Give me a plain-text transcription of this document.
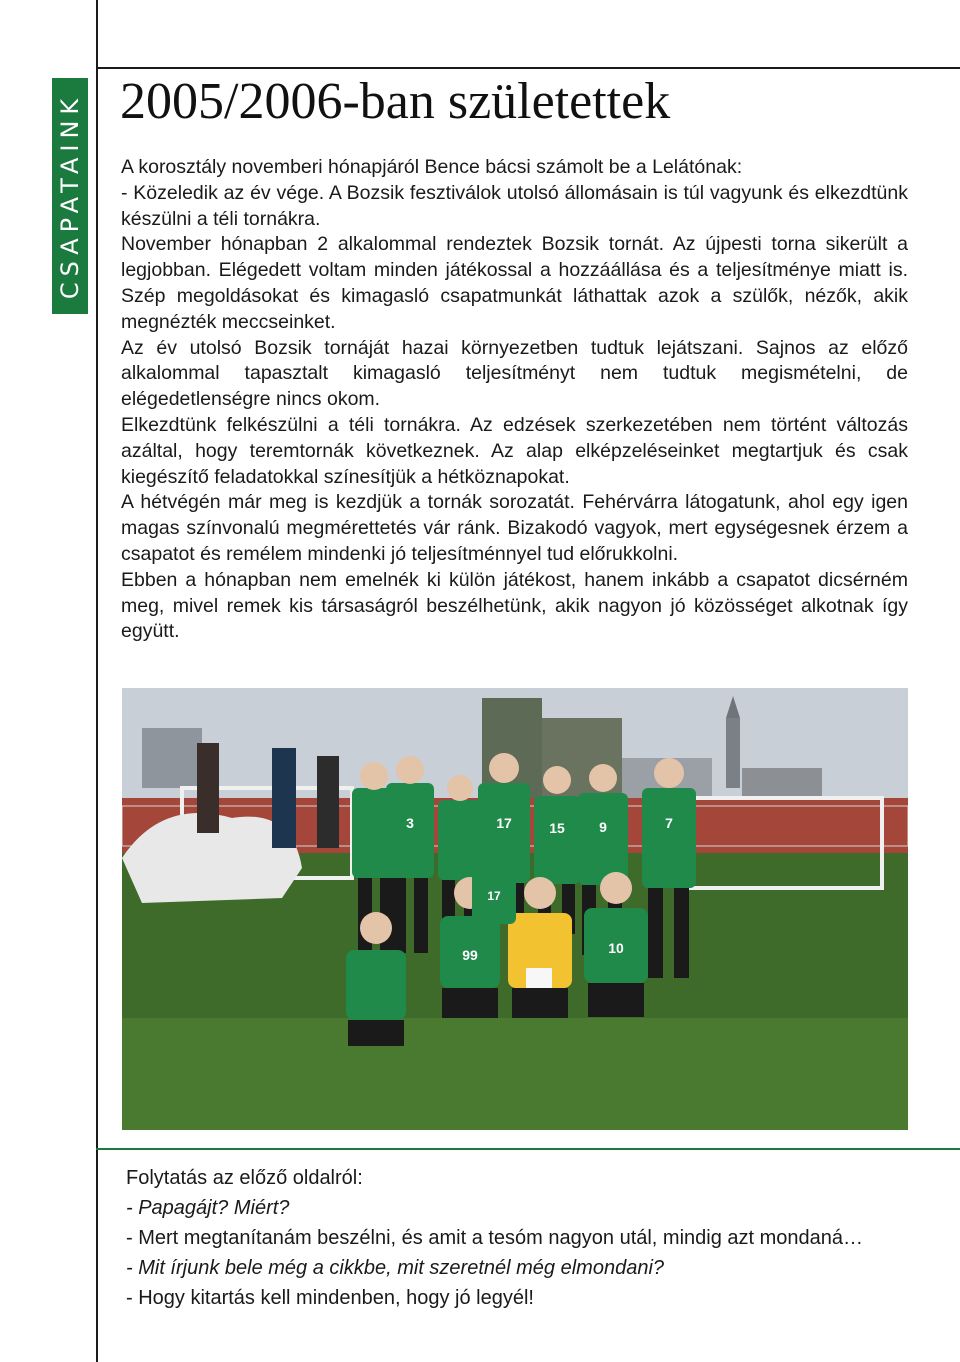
CSAPATAINK 2005/2006-ban születettek

A korosztály novemberi hónapjáról Bence bácsi számolt be a Lelátónak:

- Közeledik az év vége. A Bozsik fesztiválok utolsó állomásain is túl vagyunk és elkezdtünk készülni a téli tornákra.

November hónapban 2 alkalommal rendeztek Bozsik tornát. Az újpesti torna sikerült a legjobban. Elégedett voltam minden játékossal a hozzáállása és a teljesítménye miatt is. Szép megoldásokat és kimagasló csapatmunkát láthattak azok a szülők, nézők, akik megnézték meccseinket.

Az év utolsó Bozsik tornáját hazai környezetben tudtuk lejátszani. Sajnos az előző alkalommal tapasztalt kimagasló teljesítményt nem tudtuk megismételni, de elégedetlenségre nincs okom.

Elkezdtünk felkészülni a téli tornákra. Az edzések szerkezetében nem történt változás azáltal, hogy teremtornák következnek. Az alap elképzeléseinket megtartjuk és csak kiegészítő feladatokkal színesítjük a hétköznapokat.

A hétvégén már meg is kezdjük a tornák sorozatát. Fehérvárra látogatunk, ahol egy igen magas színvonalú megmérettetés vár ránk. Bizakodó vagyok, mert egységesnek érzem a csapatot és remélem mindenki jó teljesítménnyel tud előrukkolni.

Ebben a hónapban nem emelnék ki külön játékost, hanem inkább a csapatot dicsérném meg, mivel remek kis társaságról beszélhetünk, akik nagyon jó közösséget alkotnak így együtt.

3	17	15 9	7
99	10
17

Folytatás az előző oldalról:

- Papagájt? Miért?

- Mert megtanítanám beszélni, és amit a tesóm nagyon utál, mindig azt mondaná…

- Mit írjunk bele még a cikkbe, mit szeretnél még elmondani?

- Hogy kitartás kell mindenben, hogy jó legyél!
